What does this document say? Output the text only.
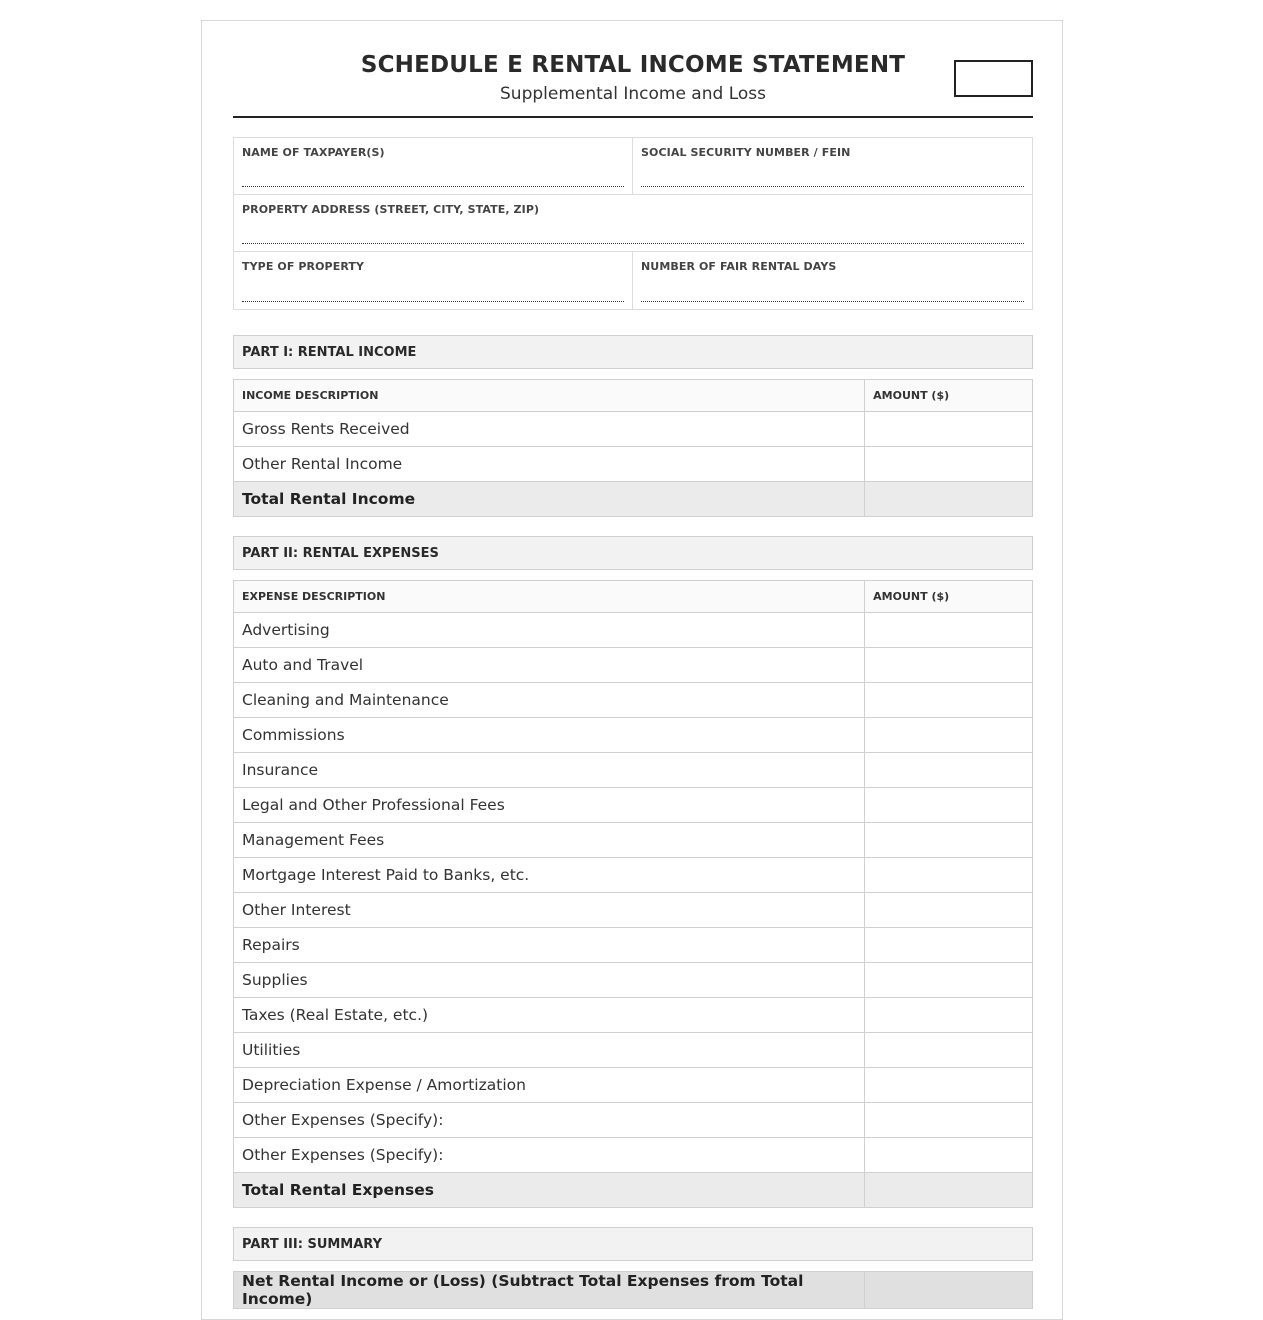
SCHEDULE E RENTAL INCOME STATEMENT
Supplemental Income and Loss
NAME OF TAXPAYER(S)	SOCIAL SECURITY NUMBER / FEIN
PROPERTY ADDRESS (STREET, CITY, STATE, ZIP)
TYPE OF PROPERTY	NUMBER OF FAIR RENTAL DAYS
PART I: RENTAL INCOME
INCOME DESCRIPTION	AMOUNT ($)
Gross Rents Received	
Other Rental Income	
Total Rental Income	
PART II: RENTAL EXPENSES
EXPENSE DESCRIPTION	AMOUNT ($)
Advertising	
Auto and Travel	
Cleaning and Maintenance	
Commissions	
Insurance	
Legal and Other Professional Fees	
Management Fees	
Mortgage Interest Paid to Banks, etc.	
Other Interest	
Repairs	
Supplies	
Taxes (Real Estate, etc.)	
Utilities	
Depreciation Expense / Amortization	
Other Expenses (Specify):	
Other Expenses (Specify):	
Total Rental Expenses	
PART III: SUMMARY
Net Rental Income or (Loss) (Subtract Total Expenses from Total Income)	
